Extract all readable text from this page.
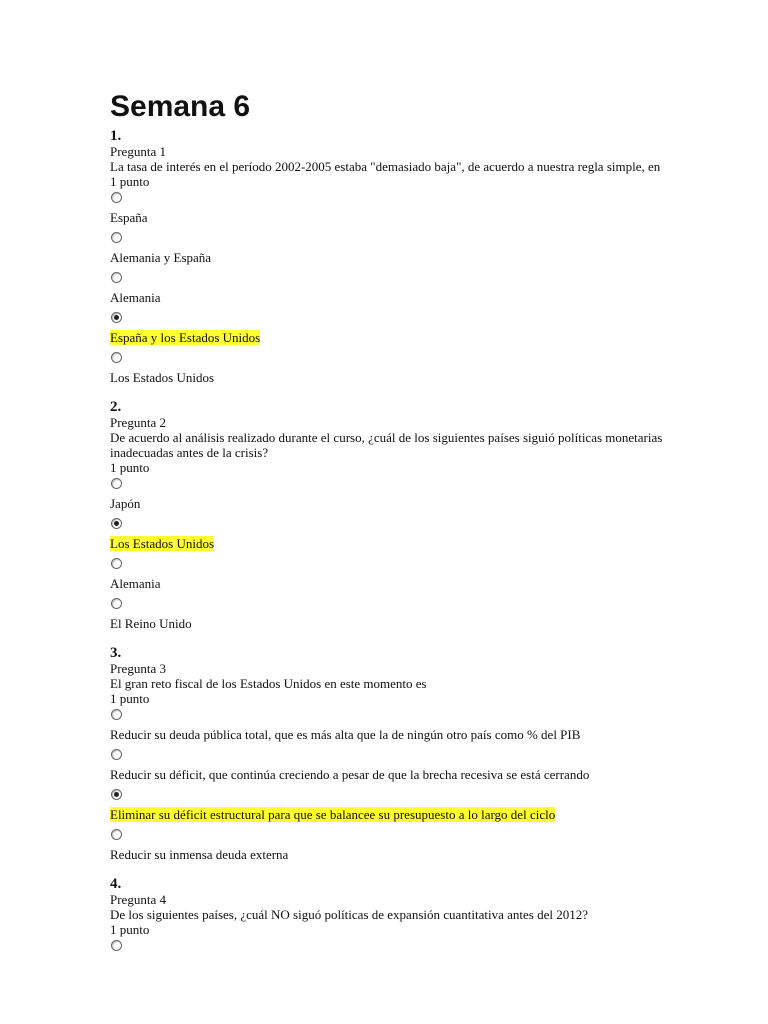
Semana 6
1.
Pregunta 1
La tasa de interés en el período 2002-2005 estaba "demasiado baja", de acuerdo a nuestra regla simple, en
1 punto
España
Alemania y España
Alemania
España y los Estados Unidos
Los Estados Unidos
2.
Pregunta 2
De acuerdo al análisis realizado durante el curso, ¿cuál de los siguientes países siguió políticas monetarias inadecuadas antes de la crisis?
1 punto
Japón
Los Estados Unidos
Alemania
El Reino Unido
3.
Pregunta 3
El gran reto fiscal de los Estados Unidos en este momento es
1 punto
Reducir su deuda pública total, que es más alta que la de ningún otro país como % del PIB
Reducir su déficit, que continúa creciendo a pesar de que la brecha recesiva se está cerrando
Eliminar su déficit estructural para que se balancee su presupuesto a lo largo del ciclo
Reducir su inmensa deuda externa
4.
Pregunta 4
De los siguientes países, ¿cuál NO siguó políticas de expansión cuantitativa antes del 2012?
1 punto
